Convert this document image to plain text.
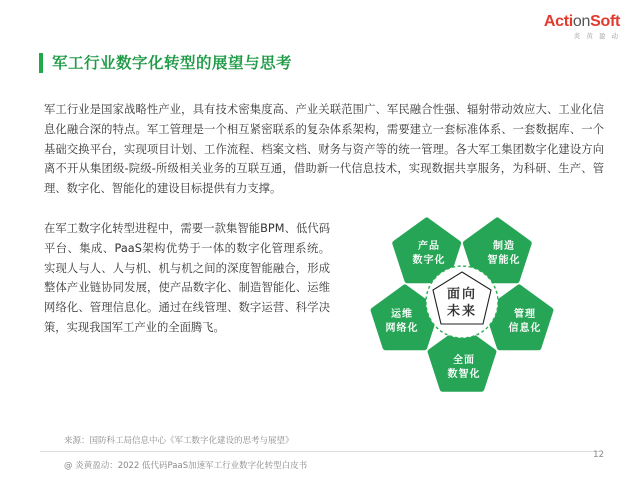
ActionSoft
炎 黄 盈 动
军工行业数字化转型的展望与思考
军工行业是国家战略性产业，具有技术密集度高、产业关联范围广、军民融合性强、辐射带动效应大、工业化信息化融合深的特点。军工管理是一个相互紧密联系的复杂体系架构，需要建立一套标准体系、一套数据库、一个基础交换平台，实现项目计划、工作流程、档案文档、财务与资产等的统一管理。各大军工集团数字化建设方向离不开从集团级-院级-所级相关业务的互联互通，借助新一代信息技术，实现数据共享服务，为科研、生产、管理、数字化、智能化的建设目标提供有力支撑。
在军工数字化转型进程中，需要一款集智能BPM、低代码平台、集成、PaaS架构优势于一体的数字化管理系统。实现人与人、人与机、机与机之间的深度智能融合，形成整体产业链协同发展，使产品数字化、制造智能化、运维网络化、管理信息化。通过在线管理、数字运营、科学决策，实现我国军工产业的全面腾飞。
面向
未来
产品
数字化
制造
智能化
管理
信息化
全面
数智化
运维
网络化
来源：国防科工局信息中心《军工数字化建设的思考与展望》
@ 炎黄盈动：2022 低代码PaaS加速军工行业数字化转型白皮书
12
